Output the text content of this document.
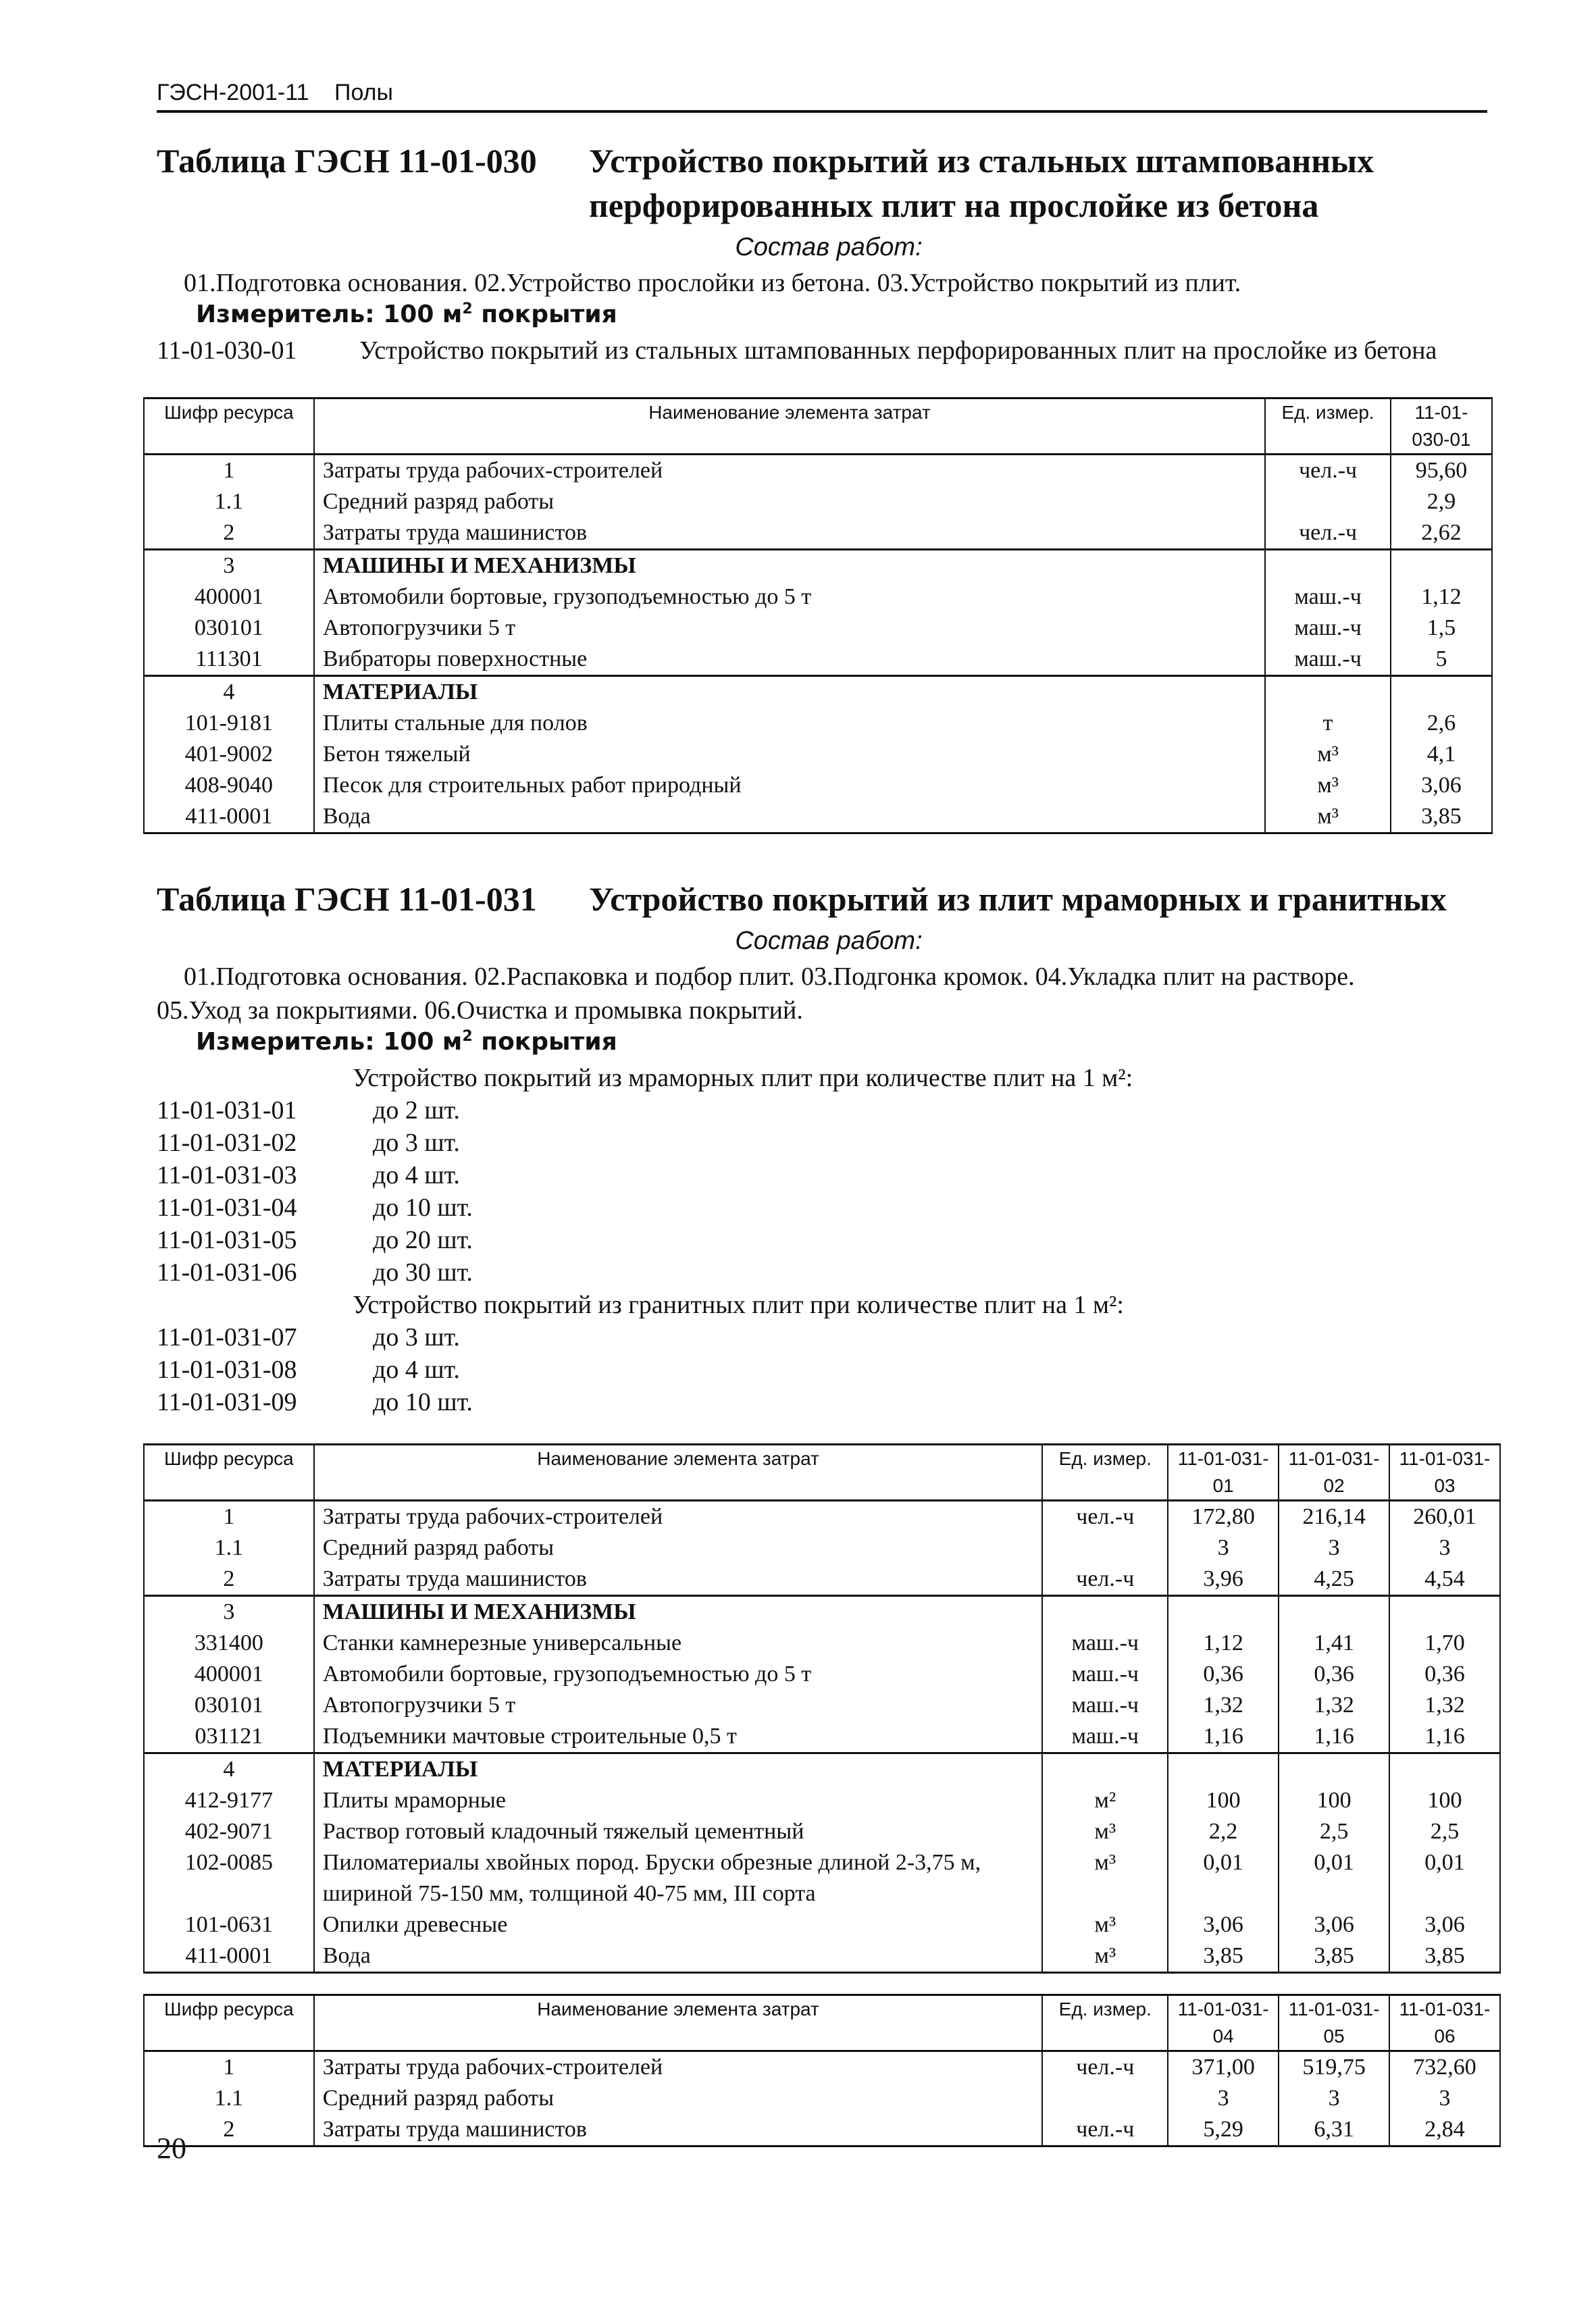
ГЭСН-2001-11 Полы
Таблица ГЭСН 11-01-030 Устройство покрытий из стальных штампованных
перфорированных плит на прослойке из бетона
Состав работ:
01.Подготовка основания. 02.Устройство прослойки из бетона. 03.Устройство покрытий из плит.
Измеритель: 100 $м^2$ покрытия
11-01-030-01 Устройство покрытий из стальных штампованных перфорированных плит на прослойке из бетона
Шифр ресурса	Наименование элемента затрат	Ед. измер.	11-01-030-01
1	Затраты труда рабочих-строителей	чел.-ч	95,60
1.1	Средний разряд работы		2,9
2	Затраты труда машинистов	чел.-ч	2,62
3	МАШИНЫ И МЕХАНИЗМЫ		
400001	Автомобили бортовые, грузоподъемностью до 5 т	маш.-ч	1,12
030101	Автопогрузчики 5 т	маш.-ч	1,5
111301	Вибраторы поверхностные	маш.-ч	5
4	МАТЕРИАЛЫ		
101-9181	Плиты стальные для полов	т	2,6
401-9002	Бетон тяжелый	м³	4,1
408-9040	Песок для строительных работ природный	м³	3,06
411-0001	Вода	м³	3,85
Таблица ГЭСН 11-01-031 Устройство покрытий из плит мраморных и гранитных
Состав работ:
01.Подготовка основания. 02.Распаковка и подбор плит. 03.Подгонка кромок. 04.Укладка плит на растворе.
05.Уход за покрытиями. 06.Очистка и промывка покрытий.
Измеритель: 100 $м^2$ покрытия
Устройство покрытий из мраморных плит при количестве плит на 1 м²:
11-01-031-01	до 2 шт.
11-01-031-02	до 3 шт.
11-01-031-03	до 4 шт.
11-01-031-04	до 10 шт.
11-01-031-05	до 20 шт.
11-01-031-06	до 30 шт.
Устройство покрытий из гранитных плит при количестве плит на 1 м²:
11-01-031-07	до 3 шт.
11-01-031-08	до 4 шт.
11-01-031-09	до 10 шт.
Шифр ресурса	Наименование элемента затрат	Ед. измер.	11-01-031-01	11-01-031-02	11-01-031-03
1	Затраты труда рабочих-строителей	чел.-ч	172,80	216,14	260,01
1.1	Средний разряд работы		3	3	3
2	Затраты труда машинистов	чел.-ч	3,96	4,25	4,54
3	МАШИНЫ И МЕХАНИЗМЫ				
331400	Станки камнерезные универсальные	маш.-ч	1,12	1,41	1,70
400001	Автомобили бортовые, грузоподъемностью до 5 т	маш.-ч	0,36	0,36	0,36
030101	Автопогрузчики 5 т	маш.-ч	1,32	1,32	1,32
031121	Подъемники мачтовые строительные 0,5 т	маш.-ч	1,16	1,16	1,16
4	МАТЕРИАЛЫ				
412-9177	Плиты мраморные	м²	100	100	100
402-9071	Раствор готовый кладочный тяжелый цементный	м³	2,2	2,5	2,5
102-0085	Пиломатериалы хвойных пород. Бруски обрезные длиной 2-3,75 м, шириной 75-150 мм, толщиной 40-75 мм, III сорта	м³	0,01	0,01	0,01
101-0631	Опилки древесные	м³	3,06	3,06	3,06
411-0001	Вода	м³	3,85	3,85	3,85
Шифр ресурса	Наименование элемента затрат	Ед. измер.	11-01-031-04	11-01-031-05	11-01-031-06
1	Затраты труда рабочих-строителей	чел.-ч	371,00	519,75	732,60
1.1	Средний разряд работы		3	3	3
2	Затраты труда машинистов	чел.-ч	5,29	6,31	2,84
20
